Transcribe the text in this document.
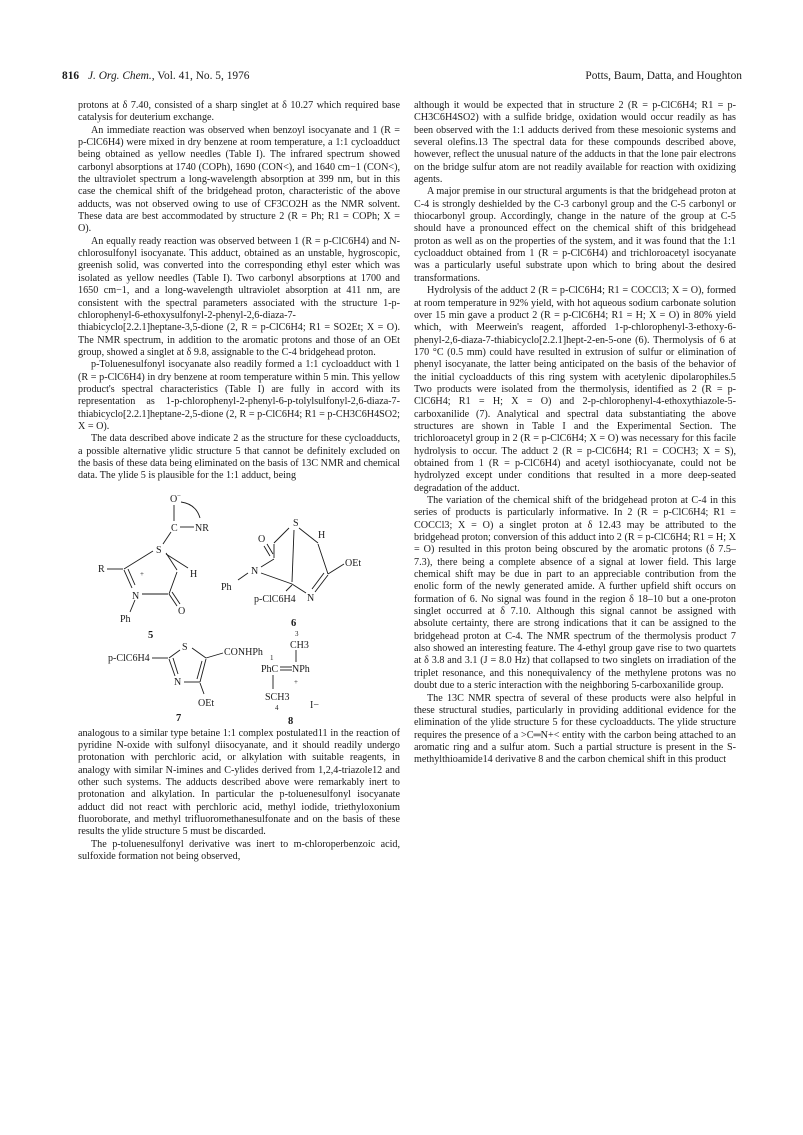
816 J. Org. Chem., Vol. 41, No. 5, 1976	Potts, Baum, Datta, and Houghton

protons at δ 7.40, consisted of a sharp singlet at δ 10.27 which required base catalysis for deuterium exchange.

An immediate reaction was observed when benzoyl isocyanate and 1 (R = p-ClC6H4) were mixed in dry benzene at room temperature, a 1:1 cycloadduct being obtained as yellow needles (Table I). The infrared spectrum showed carbonyl absorptions at 1740 (COPh), 1690 (CON<), and 1640 cm−1 (CON<), the ultraviolet spectrum a long-wavelength absorption at 399 nm, but in this case the chemical shift of the bridgehead proton, characteristic of the above adducts, was not observed owing to use of CF3CO2H as the NMR solvent. These data are best accommodated by structure 2 (R = Ph; R1 = COPh; X = O).

An equally ready reaction was observed between 1 (R = p-ClC6H4) and N-chlorosulfonyl isocyanate. This adduct, obtained as an unstable, hygroscopic, greenish solid, was converted into the corresponding ethyl ester which was isolated as yellow needles (Table I). Two carbonyl absorptions at 1700 and 1650 cm−1, and a long-wavelength ultraviolet absorption at 411 nm, are consistent with the spectral parameters associated with the structure 1-p-chlorophenyl-6-ethoxysulfonyl-2-phenyl-2,6-diaza-7-thiabicyclo[2.2.1]heptane-3,5-dione (2, R = p-ClC6H4; R1 = SO2Et; X = O). The NMR spectrum, in addition to the aromatic protons and those of an OEt group, showed a singlet at δ 9.8, assignable to the C-4 bridgehead proton.

p-Toluenesulfonyl isocyanate also readily formed a 1:1 cycloadduct with 1 (R = p-ClC6H4) in dry benzene at room temperature within 5 min. This yellow product's spectral characteristics (Table I) are fully in accord with its representation as 1-p-chlorophenyl-2-phenyl-6-p-tolylsulfonyl-2,6-diaza-7-thiabicyclo[2.2.1]heptane-2,5-dione (2, R = p-ClC6H4; R1 = p-CH3C6H4SO2; X = O).

The data described above indicate 2 as the structure for these cycloadducts, a possible alternative ylidic structure 5 that cannot be definitely excluded on the basis of these data being eliminated on the basis of 13C NMR and chemical data. The ylide 5 is plausible for the 1:1 adduct, being

O −
C NR
S
R	H
+
N
O
Ph
5
S
H
O
N
Ph
OEt
N
p-ClC6H4
6
p-ClC6H4
S	CONHPh
N
OEt
7
3
CH3
1
PhC NPh
+
SCH3
4	I−
8

analogous to a similar type betaine 1:1 complex postulated11 in the reaction of pyridine N-oxide with sulfonyl diisocyanate, and it should readily undergo protonation with perchloric acid, or alkylation with suitable reagents, in analogy with similar N-imines and C-ylides derived from 1,2,4-triazole12 and other such systems. The adducts described above were remarkably inert to protonation and alkylation. In particular the p-toluenesulfonyl isocyanate adduct did not react with perchloric acid, methyl iodide, triethyloxonium fluoroborate, and methyl trifluoromethanesulfonate and on the basis of these results the ylide structure 5 must be discarded.

The p-toluenesulfonyl derivative was inert to m-chloroperbenzoic acid, sulfoxide formation not being observed,

although it would be expected that in structure 2 (R = p-ClC6H4; R1 = p-CH3C6H4SO2) with a sulfide bridge, oxidation would occur readily as has been observed with the 1:1 adducts derived from these mesoionic systems and several olefins.13 The spectral data for these compounds described above, however, reflect the unusual nature of the adducts in that the lone pair electrons on the bridge sulfur atom are not readily available for reaction with oxidizing agents.

A major premise in our structural arguments is that the bridgehead proton at C-4 is strongly deshielded by the C-3 carbonyl group and the C-5 carbonyl or thiocarbonyl group. Accordingly, change in the nature of the group at C-5 should have a pronounced effect on the chemical shift of this bridgehead proton as well as on the properties of the system, and it was found that the 1:1 cycloadduct obtained from 1 (R = p-ClC6H4) and trichloroacetyl isocyanate was a particularly useful substrate upon which to bring about the desired transformations.

Hydrolysis of the adduct 2 (R = p-ClC6H4; R1 = COCCl3; X = O), formed at room temperature in 92% yield, with hot aqueous sodium carbonate solution over 15 min gave a product 2 (R = p-ClC6H4; R1 = H; X = O) in 80% yield which, with Meerwein's reagent, afforded 1-p-chlorophenyl-3-ethoxy-6-phenyl-2,6-diaza-7-thiabicyclo[2.2.1]hept-2-en-5-one (6). Thermolysis of 6 at 170 °C (0.5 mm) could have resulted in extrusion of sulfur or elimination of phenyl isocyanate, the latter being anticipated on the basis of the behavior of the initial cycloadducts of this ring system with acetylenic dipolarophiles.5 Two products were isolated from the thermolysis, identified as 2 (R = p-ClC6H4; R1 = H; X = O) and 2-p-chlorophenyl-4-ethoxythiazole-5-carboxanilide (7). Analytical and spectral data substantiating the above structures are shown in Table I and the Experimental Section. The trichloroacetyl group in 2 (R = p-ClC6H4; X = O) was necessary for this facile hydrolysis to occur. The adduct 2 (R = p-ClC6H4; R1 = COCH3; X = S), obtained from 1 (R = p-ClC6H4) and acetyl isothiocyanate, could not be hydrolyzed except under conditions that resulted in a more deep-seated degradation of the adduct.

The variation of the chemical shift of the bridgehead proton at C-4 in this series of products is particularly informative. In 2 (R = p-ClC6H4; R1 = COCCl3; X = O) a singlet proton at δ 12.43 may be attributed to the bridgehead proton; conversion of this adduct into 2 (R = p-ClC6H4; R1 = H; X = O) resulted in this proton being obscured by the aromatic protons (δ 7.5–7.3), there being a complete absence of a signal at lower field. This large chemical shift may be due in part to an appreciable contribution from the enolic form of the newly generated amide. A further upfield shift occurs on formation of 6. No signal was found in the region δ 18–10 but a one-proton singlet occurred at δ 7.10. Although this signal cannot be assigned with absolute certainty, there are strong indications that it can be assigned to the bridgehead proton at C-4. The NMR spectrum of the thermolysis product 7 also showed an interesting feature. The 4-ethyl group gave rise to two quartets at δ 3.8 and 3.1 (J = 8.0 Hz) that collapsed to two singlets on irradiation of the triplet resonance, and this nonequivalency of the methylene protons was no doubt due to a steric interaction with the neighboring 5-carboxanilide group.

The 13C NMR spectra of several of these products were also helpful in these structural studies, particularly in providing additional evidence for the elimination of the ylide structure 5 for these cycloadducts. The ylide structure requires the presence of a >C═N+< entity with the carbon being attached to an aromatic ring and a sulfur atom. Such a partial structure is present in the S-methylthioamide14 derivative 8 and the carbon chemical shift in this product
